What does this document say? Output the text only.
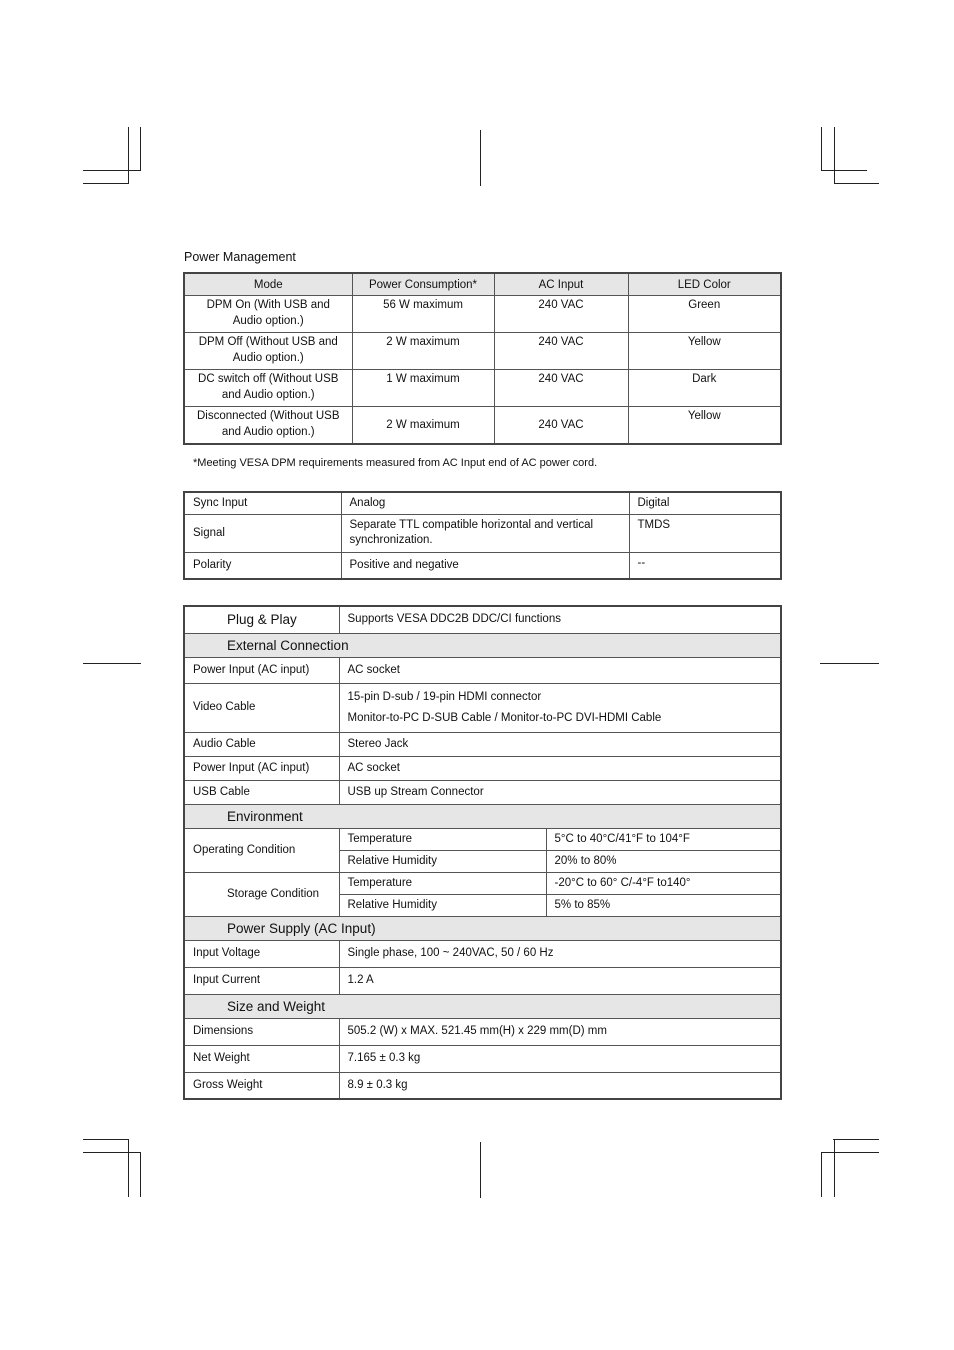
Power Management
Mode	Power Consumption*	AC Input	LED Color
DPM On (With USB and Audio option.)	56 W maximum	240 VAC	Green
DPM Off (Without USB and Audio option.)	2 W maximum	240 VAC	Yellow
DC switch off (Without USB and Audio option.)	1 W maximum	240 VAC	Dark
Disconnected (Without USB and Audio option.)	2 W maximum	240 VAC	Yellow
*Meeting VESA DPM requirements measured from AC Input end of AC power cord.
Sync Input	Analog	Digital
Signal	Separate TTL compatible horizontal and vertical synchronization.	TMDS
Polarity	Positive and negative	--
Plug & Play	Supports VESA DDC2B DDC/CI functions	
External Connection		
Power Input (AC input)	AC socket	
Video Cable	15-pin D-sub / 19-pin HDMI connector
Monitor-to-PC D-SUB Cable / Monitor-to-PC DVI-HDMI Cable	

Audio Cable	Stereo Jack	
Power Input (AC input)	AC socket	
USB Cable	USB up Stream Connector	
Environment		
Operating Condition	Temperature	5°C to 40°C/41°F to 104°F
	Relative Humidity	20% to 80%
Storage Condition	Temperature	-20°C to 60° C/-4°F to140°
	Relative Humidity	5% to 85%
Power Supply (AC Input)		
Input Voltage	Single phase, 100 ~ 240VAC, 50 / 60 Hz	
Input Current	1.2 A	
Size and Weight		
Dimensions	505.2 (W) x MAX. 521.45 mm(H) x 229 mm(D) mm	
Net Weight	7.165 ± 0.3 kg	
Gross Weight	8.9 ± 0.3 kg	
